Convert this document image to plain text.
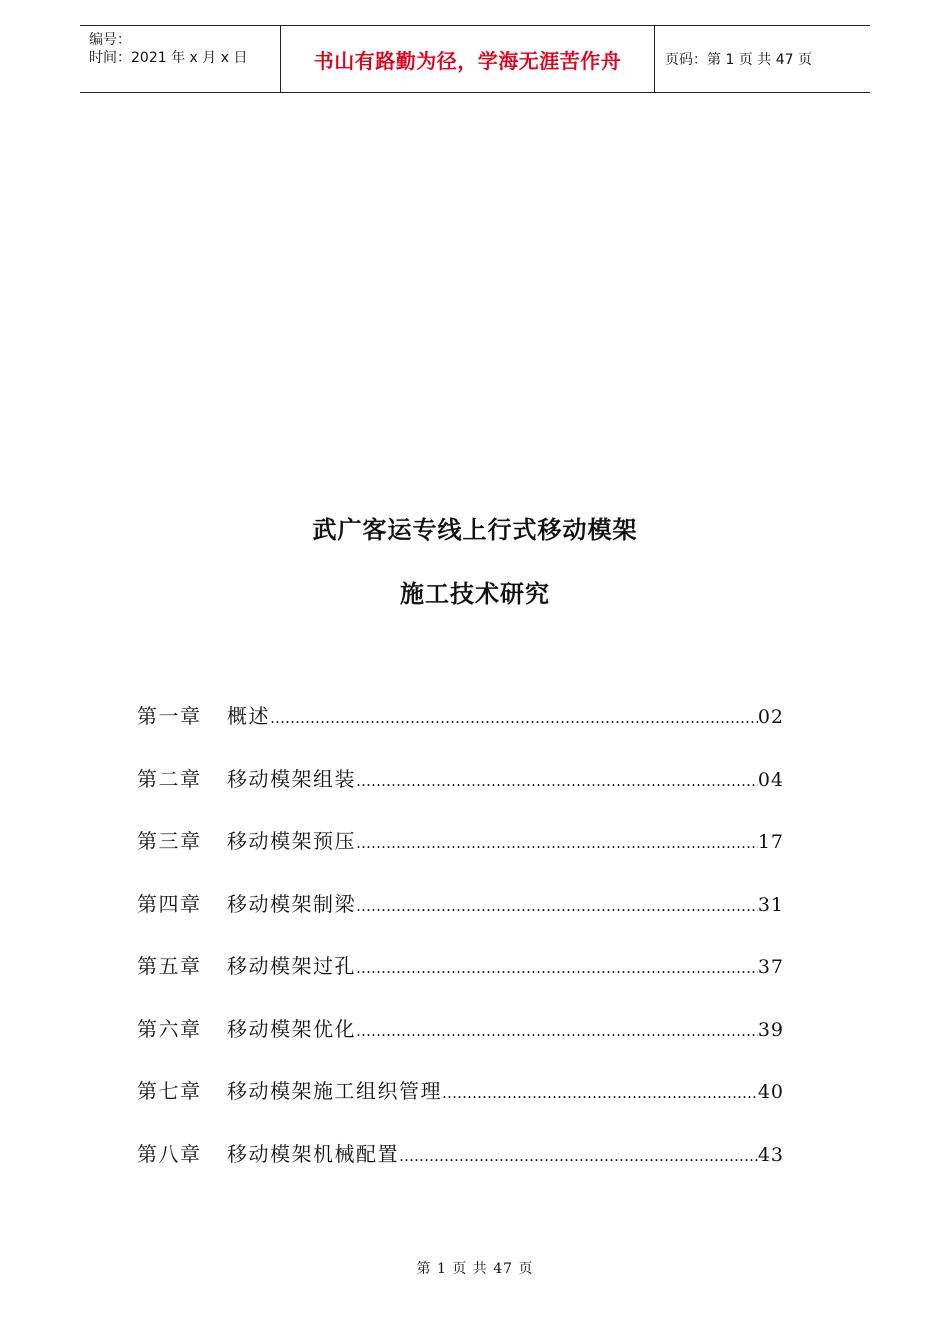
编号：
时间：2021 年 x 月 x 日	书山有路勤为径，学海无涯苦作舟	页码：第 1 页 共 47 页
武广客运专线上行式移动模架
施工技术研究
第一章	概述 ……………………………………………………………………………………………………………………	02
第二章	移动模架组装 ……………………………………………………………………………………………………………………	04
第三章	移动模架预压 ……………………………………………………………………………………………………………………	17
第四章	移动模架制梁 ……………………………………………………………………………………………………………………	31
第五章	移动模架过孔 ……………………………………………………………………………………………………………………	37
第六章	移动模架优化 ……………………………………………………………………………………………………………………	39
第七章	移动模架施工组织管理 ……………………………………………………………………………………………………………………	40
第八章	移动模架机械配置 ……………………………………………………………………………………………………………………	43
第 1 页 共 47 页
